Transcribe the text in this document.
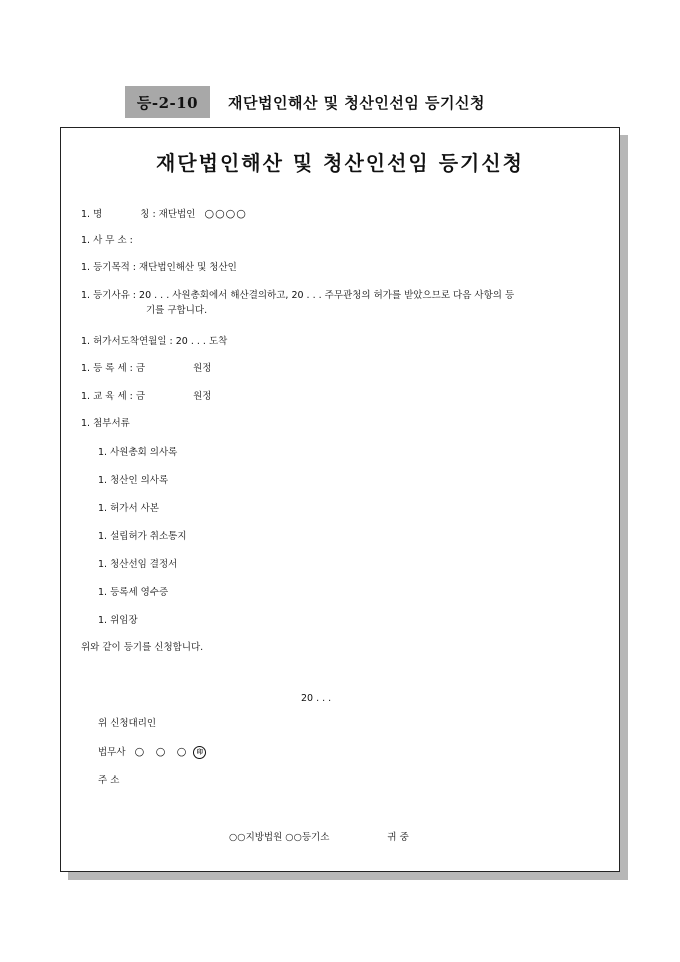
등-2-10	재단법인해산 및 청산인선임 등기신청
재단법인해산 및 청산인선임 등기신청
1. 명	칭 : 재단법인 ○○○○
1. 사 무 소 :
1. 등기목적 : 재단법인해산 및 청산인
1. 등기사유 : 20 . . . 사원총회에서 해산결의하고, 20 . . . 주무관청의 허가를 받았으므로 다음 사항의 등
기를 구합니다.
1. 허가서도착연월일 : 20 . . . 도착
1. 등 록 세 : 금	원정
1. 교 육 세 : 금	원정
1. 첨부서류
1. 사원총회 의사록
1. 청산인 의사록
1. 허가서 사본
1. 설립허가 취소통지
1. 청산선임 결정서
1. 등록세 영수증
1. 위임장
위와 같이 등기를 신청합니다.
20 . . .
위 신청대리인
법무사 ○ ○ ○ 印
주 소
○○지방법원 ○○등기소	귀 중
